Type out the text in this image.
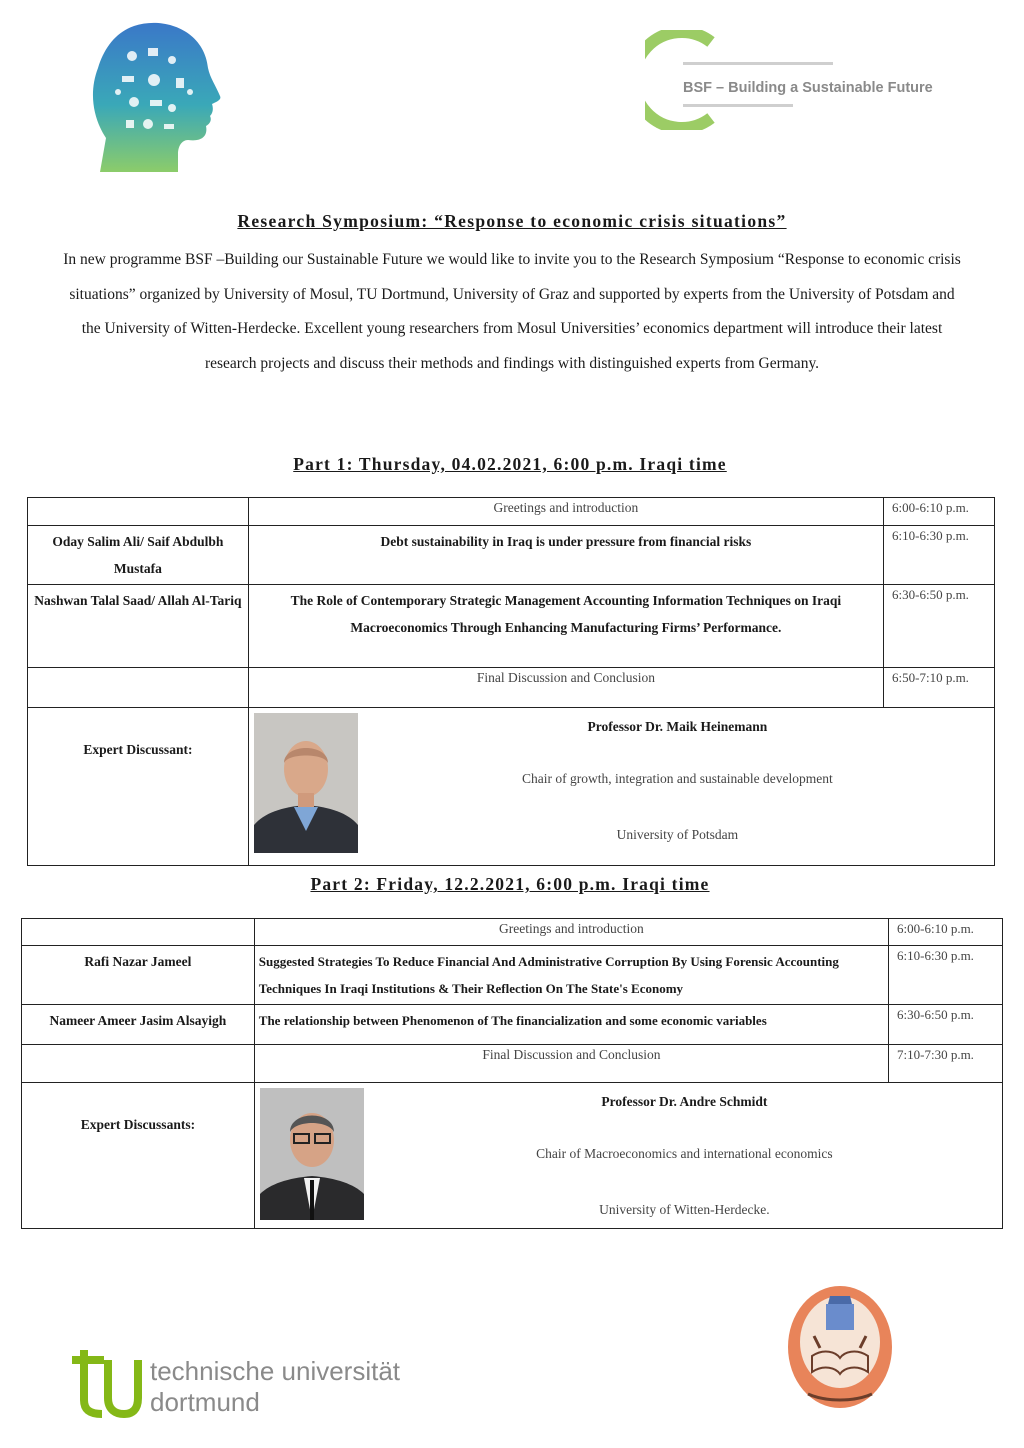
BSF – Building a Sustainable Future
Research Symposium: “Response to economic crisis situations”
In new programme BSF –Building our Sustainable Future we would like to invite you to the Research Symposium “Response to economic crisis situations” organized by University of Mosul, TU Dortmund, University of Graz and supported by experts from the University of Potsdam and the University of Witten-Herdecke. Excellent young researchers from Mosul Universities’ economics department will introduce their latest research projects and discuss their methods and findings with distinguished experts from Germany.
Part 1: Thursday, 04.02.2021, 6:00 p.m. Iraqi time
	Greetings and introduction	6:00-6:10 p.m.
Oday Salim Ali/ Saif Abdulbh Mustafa	Debt sustainability in Iraq is under pressure from financial risks	6:10-6:30 p.m.
Nashwan Talal Saad/ Allah Al-Tariq	The Role of Contemporary Strategic Management Accounting Information Techniques on Iraqi Macroeconomics Through Enhancing Manufacturing Firms’ Performance.	6:30-6:50 p.m.
	Final Discussion and Conclusion	6:50-7:10 p.m.
Expert Discussant:	Professor Dr. Maik Heinemann
Chair of growth, integration and sustainable development
University of Potsdam	
Part 2: Friday, 12.2.2021, 6:00 p.m. Iraqi time
	Greetings and introduction	6:00-6:10 p.m.
Rafi Nazar Jameel	Suggested Strategies To Reduce Financial And Administrative Corruption By Using Forensic Accounting Techniques In Iraqi Institutions & Their Reflection On The State's Economy	6:10-6:30 p.m.
Nameer Ameer Jasim Alsayigh	The relationship between Phenomenon of The financialization and some economic variables	6:30-6:50 p.m.
	Final Discussion and Conclusion	7:10-7:30 p.m.
Expert Discussants:	Professor Dr. Andre Schmidt
Chair of Macroeconomics and international economics
University of Witten-Herdecke.	
technische universität
dortmund
